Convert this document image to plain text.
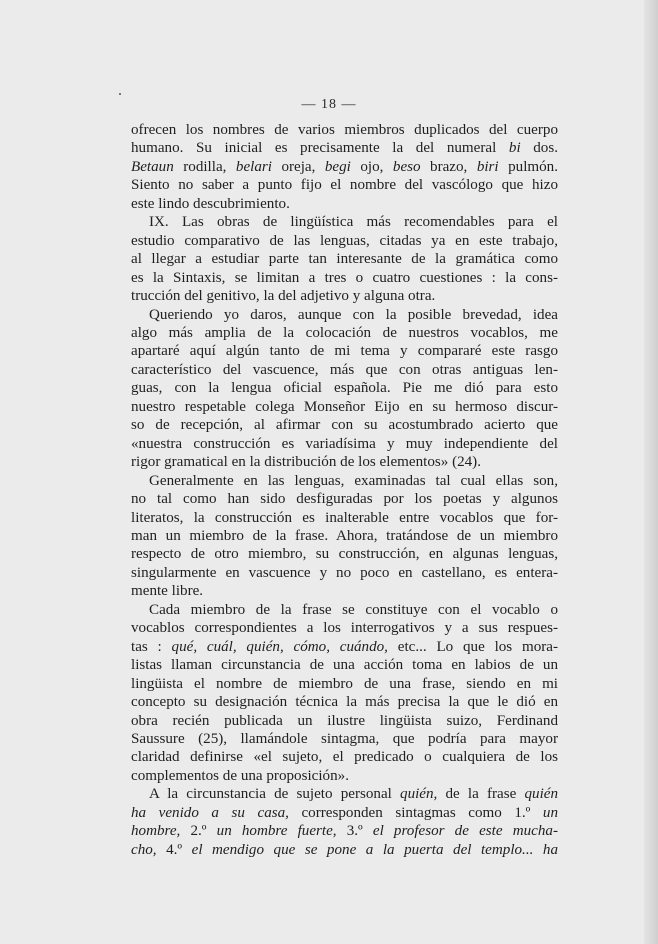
— 18 —
ofrecen los nombres de varios miembros duplicados del cuerpo
humano. Su inicial es precisamente la del numeral bi dos.
Betaun rodilla, belari oreja, begi ojo, beso brazo, biri pulmón.
Siento no saber a punto fijo el nombre del vascólogo que hizo
este lindo descubrimiento.
IX. Las obras de lingüística más recomendables para el
estudio comparativo de las lenguas, citadas ya en este trabajo,
al llegar a estudiar parte tan interesante de la gramática como
es la Sintaxis, se limitan a tres o cuatro cuestiones : la cons-
trucción del genitivo, la del adjetivo y alguna otra.
Queriendo yo daros, aunque con la posible brevedad, idea
algo más amplia de la colocación de nuestros vocablos, me
apartaré aquí algún tanto de mi tema y compararé este rasgo
característico del vascuence, más que con otras antiguas len-
guas, con la lengua oficial española. Pie me dió para esto
nuestro respetable colega Monseñor Eijo en su hermoso discur-
so de recepción, al afirmar con su acostumbrado acierto que
«nuestra construcción es variadísima y muy independiente del
rigor gramatical en la distribución de los elementos» (24).
Generalmente en las lenguas, examinadas tal cual ellas son,
no tal como han sido desfiguradas por los poetas y algunos
literatos, la construcción es inalterable entre vocablos que for-
man un miembro de la frase. Ahora, tratándose de un miembro
respecto de otro miembro, su construcción, en algunas lenguas,
singularmente en vascuence y no poco en castellano, es entera-
mente libre.
Cada miembro de la frase se constituye con el vocablo o
vocablos correspondientes a los interrogativos y a sus respues-
tas : qué, cuál, quién, cómo, cuándo, etc... Lo que los mora-
listas llaman circunstancia de una acción toma en labios de un
lingüista el nombre de miembro de una frase, siendo en mi
concepto su designación técnica la más precisa la que le dió en
obra recién publicada un ilustre lingüista suizo, Ferdinand
Saussure (25), llamándole sintagma, que podría para mayor
claridad definirse «el sujeto, el predicado o cualquiera de los
complementos de una proposición».
A la circunstancia de sujeto personal quién, de la frase quién
ha venido a su casa, corresponden sintagmas como 1.º un
hombre, 2.º un hombre fuerte, 3.º el profesor de este mucha-
cho, 4.º el mendigo que se pone a la puerta del templo... ha
